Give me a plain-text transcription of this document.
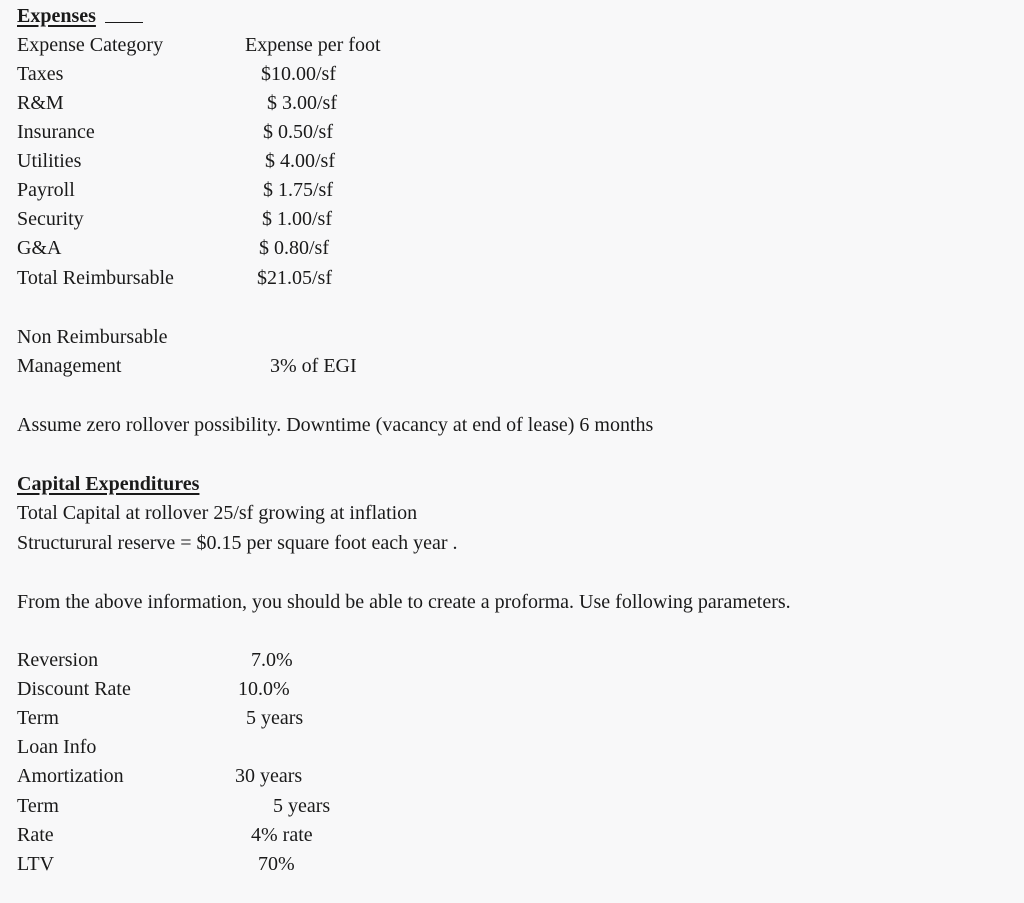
Expenses
Expense Category	Expense per foot
Taxes	$10.00/sf
R&M	$ 3.00/sf
Insurance	$ 0.50/sf
Utilities	$ 4.00/sf
Payroll	$ 1.75/sf
Security	$ 1.00/sf
G&A	$ 0.80/sf
Total Reimbursable	$21.05/sf
Non Reimbursable
Management	3% of EGI
Assume zero rollover possibility. Downtime (vacancy at end of lease) 6 months
Capital Expenditures
Total Capital at rollover 25/sf growing at inflation
Structurural reserve = $0.15 per square foot each year .
From the above information, you should be able to create a proforma. Use following parameters.
Reversion	7.0%
Discount Rate	10.0%
Term	5 years
Loan Info
Amortization	30 years
Term	5 years
Rate	4% rate
LTV	70%
